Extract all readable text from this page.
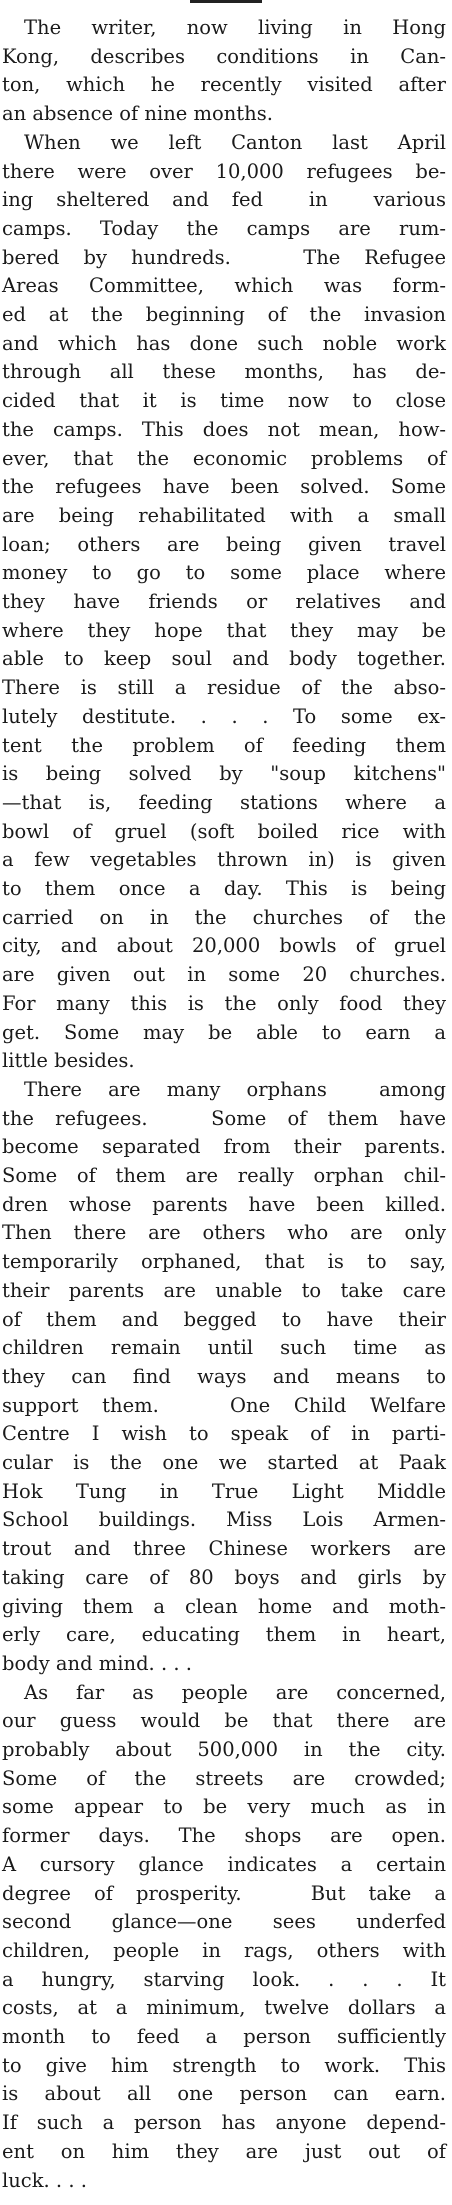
The writer, now living in Hong
Kong, describes conditions in Can-
ton, which he recently visited after
an absence of nine months.
When we left Canton last April
there were over 10,000 refugees be-
ing sheltered and fed  in  various
camps. Today the camps are rum-
bered by hundreds.   The Refugee
Areas Committee, which was form-
ed at the beginning of the invasion
and which has done such noble work
through all these months, has de-
cided that it is time now to close
the camps. This does not mean, how-
ever, that the economic problems of
the refugees have been solved. Some
are being rehabilitated with a small
loan; others are being given travel
money to go to some place where
they have friends or relatives and
where they hope that they may be
able to keep soul and body together.
There is still a residue of the abso-
lutely destitute. . . . To some ex-
tent the problem of feeding them
is being solved by "soup kitchens"
—that is, feeding stations where a
bowl of gruel (soft boiled rice with
a few vegetables thrown in) is given
to them once a day. This is being
carried on in the churches of the
city, and about 20,000 bowls of gruel
are given out in some 20 churches.
For many this is the only food they
get. Some may be able to earn a
little besides.
There are many orphans  among
the refugees.   Some of them have
become separated from their parents.
Some of them are really orphan chil-
dren whose parents have been killed.
Then there are others who are only
temporarily orphaned, that is to say,
their parents are unable to take care
of them and begged to have their
children remain until such time as
they can find ways and means to
support them.   One Child Welfare
Centre I wish to speak of in parti-
cular is the one we started at Paak
Hok Tung in True Light Middle
School buildings. Miss Lois Armen-
trout and three Chinese workers are
taking care of 80 boys and girls by
giving them a clean home and moth-
erly care, educating them in heart,
body and mind. . . .
As far as people are concerned,
our guess would be that there are
probably about 500,000 in the city.
Some of the streets are crowded;
some appear to be very much as in
former days. The shops are open.
A cursory glance indicates a certain
degree of prosperity.   But take a
second glance—one sees underfed
children, people in rags, others with
a hungry, starving look. . . . It
costs, at a minimum, twelve dollars a
month to feed a person sufficiently
to give him strength to work. This
is about all one person can earn.
If such a person has anyone depend-
ent on him they are just out of
luck. . . .
